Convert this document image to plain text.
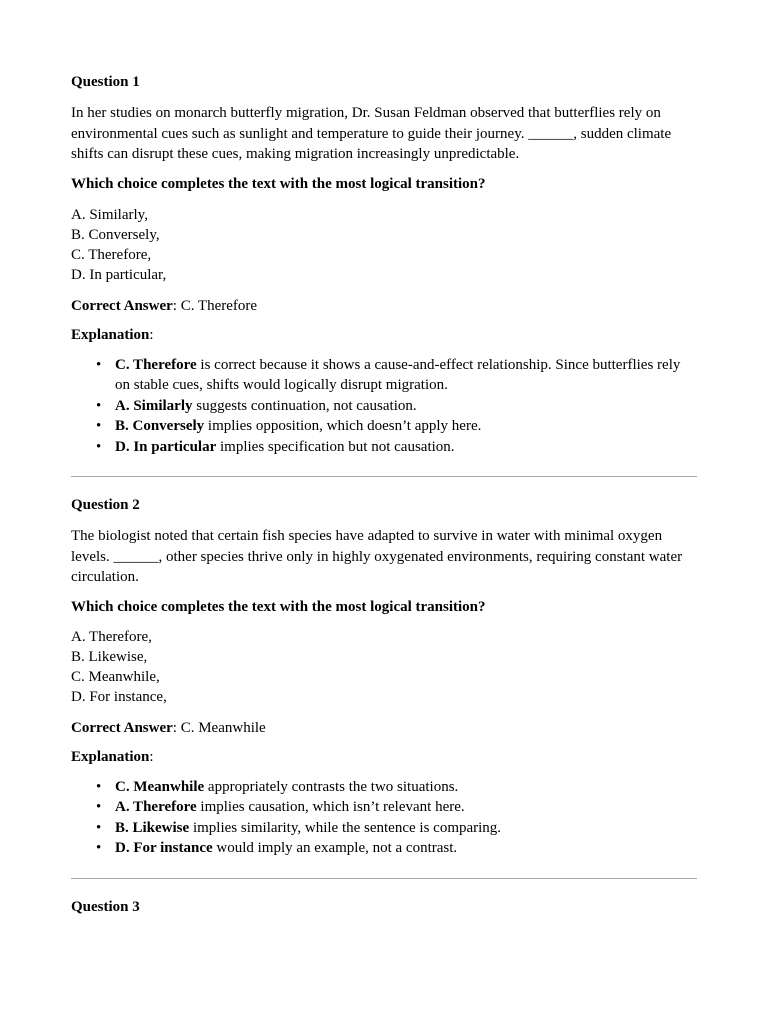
Question 1

In her studies on monarch butterfly migration, Dr. Susan Feldman observed that butterflies rely on environmental cues such as sunlight and temperature to guide their journey. ______, sudden climate shifts can disrupt these cues, making migration increasingly unpredictable.

Which choice completes the text with the most logical transition?

A. Similarly,
B. Conversely,
C. Therefore,
D. In particular,

Correct Answer: C. Therefore

Explanation:

• C. Therefore is correct because it shows a cause-and-effect relationship. Since butterflies rely on stable cues, shifts would logically disrupt migration.
• A. Similarly suggests continuation, not causation.
• B. Conversely implies opposition, which doesn’t apply here.
• D. In particular implies specification but not causation.

Question 2

The biologist noted that certain fish species have adapted to survive in water with minimal oxygen levels. ______, other species thrive only in highly oxygenated environments, requiring constant water circulation.

Which choice completes the text with the most logical transition?

A. Therefore,
B. Likewise,
C. Meanwhile,
D. For instance,

Correct Answer: C. Meanwhile

Explanation:

• C. Meanwhile appropriately contrasts the two situations.
• A. Therefore implies causation, which isn’t relevant here.
• B. Likewise implies similarity, while the sentence is comparing.
• D. For instance would imply an example, not a contrast.

Question 3
